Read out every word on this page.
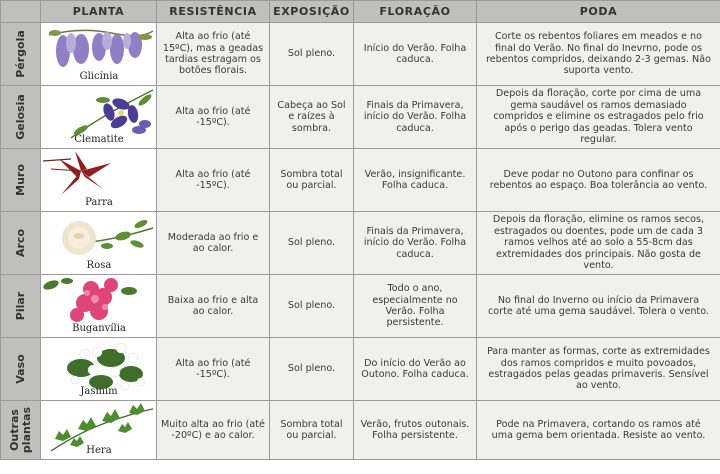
	PLANTA	RESISTÊNCIA	EXPOSIÇÃO	FLORAÇÃO	PODA

Pérgola	Glicínia	Alta ao frio (até 15ºC), mas a geadas tardias estragam os botões florais.	Sol pleno.	Início do Verão. Folha caduca.	Corte os rebentos foliares em meados e no final do Verão. No final do Inevrno, pode os rebentos compridos, deixando 2-3 gemas. Não suporta vento.

Gelosia	Clematite	Alta ao frio (até -15ºC).	Cabeça ao Sol e raízes à sombra.	Finais da Primavera, início do Verão. Folha caduca.	Depois da floração, corte por cima de uma gema saudável os ramos demasiado compridos e elimine os estragados pelo frio após o perigo das geadas. Tolera vento regular.

Muro	Parra	Alta ao frio (até -15ºC).	Sombra total ou parcial.	Verão, insignificante. Folha caduca.	Deve podar no Outono para confinar os rebentos ao espaço. Boa tolerância ao vento.

Arco	Rosa	Moderada ao frio e ao calor.	Sol pleno.	Finais da Primavera, início do Verão. Folha caduca.	Depois da floração, elimine os ramos secos, estragados ou doentes, pode um de cada 3 ramos velhos até ao solo a 55-8cm das extremidades dos principais. Não gosta de vento.

Pilar	Buganvília	Baixa ao frio e alta ao calor.	Sol pleno.	Todo o ano, especialmente no Verão. Folha persistente.	No final do Inverno ou início da Primavera corte até uma gema saudável. Tolera o vento.

Vaso	Jasmim	Alta ao frio (até -15ºC).	Sol pleno.	Do início do Verão ao Outono. Folha caduca.	Para manter as formas, corte as extremidades dos ramos compridos e muito povoados, estragados pelas geadas primaveris. Sensível ao vento.

Outras plantas	Hera	Muito alta ao frio (até -20ºC) e ao calor.	Sombra total ou parcial.	Verão, frutos outonais. Folha persistente.	Pode na Primavera, cortando os ramos até uma gema bem orientada. Resiste ao vento.
